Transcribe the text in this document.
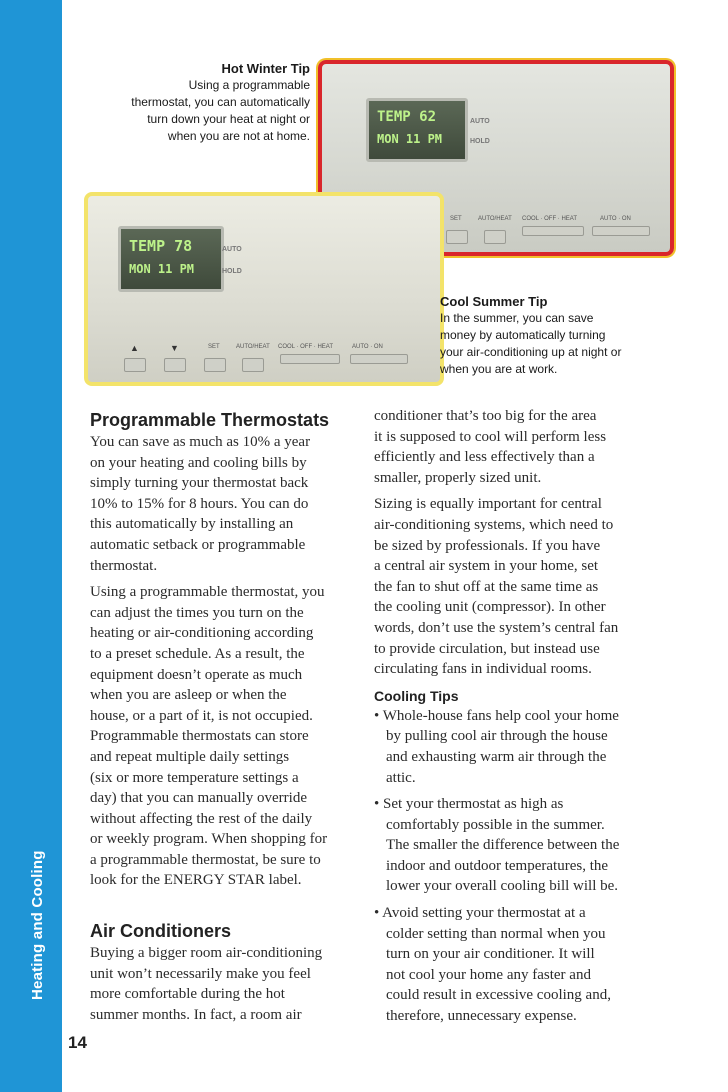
Heating and Cooling
TEMP 62
MON 11 PM
AUTO
HOLD
SET	AUTO/HEAT COOL · OFF · HEAT	AUTO · ON
TEMP 78
MON 11 PM
AUTO
HOLD
▲	▼	SET	AUTO/HEAT COOL · OFF · HEAT	AUTO · ON
Hot Winter Tip
Using a programmable
thermostat, you can automatically
turn down your heat at night or
when you are not at home.
Cool Summer Tip
In the summer, you can save
money by automatically turning
your air-conditioning up at night or
when you are at work.
Programmable Thermostats
You can save as much as 10% a year
on your heating and cooling bills by
simply turning your thermostat back
10% to 15% for 8 hours. You can do
this automatically by installing an
automatic setback or programmable
thermostat.
Using a programmable thermostat, you
can adjust the times you turn on the
heating or air-conditioning according
to a preset schedule. As a result, the
equipment doesn’t operate as much
when you are asleep or when the
house, or a part of it, is not occupied.
Programmable thermostats can store
and repeat multiple daily settings
(six or more temperature settings a
day) that you can manually override
without affecting the rest of the daily
or weekly program. When shopping for
a programmable thermostat, be sure to
look for the ENERGY STAR label.
Air Conditioners
Buying a bigger room air-conditioning
unit won’t necessarily make you feel
more comfortable during the hot
summer months. In fact, a room air
conditioner that’s too big for the area
it is supposed to cool will perform less
efficiently and less effectively than a
smaller, properly sized unit.
Sizing is equally important for central
air-conditioning systems, which need to
be sized by professionals. If you have
a central air system in your home, set
the fan to shut off at the same time as
the cooling unit (compressor). In other
words, don’t use the system’s central fan
to provide circulation, but instead use
circulating fans in individual rooms.
Cooling Tips
• Whole-house fans help cool your home
by pulling cool air through the house
and exhausting warm air through the
attic.
• Set your thermostat as high as
comfortably possible in the summer.
The smaller the difference between the
indoor and outdoor temperatures, the
lower your overall cooling bill will be.
• Avoid setting your thermostat at a
colder setting than normal when you
turn on your air conditioner. It will
not cool your home any faster and
could result in excessive cooling and,
therefore, unnecessary expense.
14
